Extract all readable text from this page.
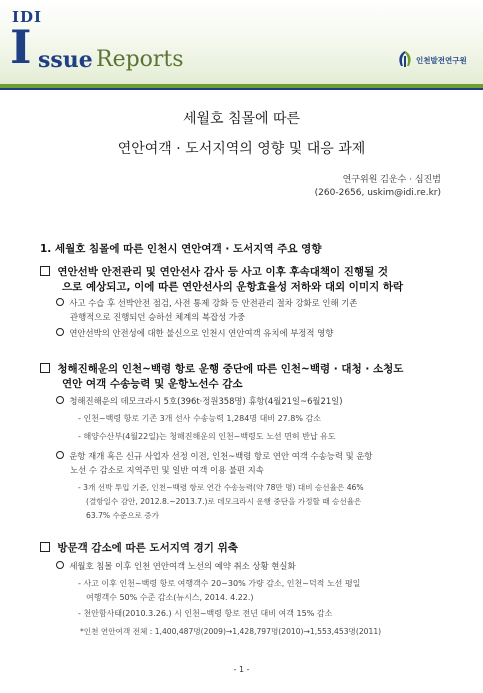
IDI
I ssue Reports	인천발전연구원
세월호 침몰에 따른
연안여객 · 도서지역의 영향 및 대응 과제
연구위원 김운수 · 심진범
(260-2656, uskim@idi.re.kr)
1. 세월호 침몰에 따른 인천시 연안여객 · 도서지역 주요 영향
연안선박 안전관리 및 연안선사 감사 등 사고 이후 후속대책이 진행될 것
으로 예상되고, 이에 따른 연안선사의 운항효율성 저하와 대외 이미지 하락
사고 수습 후 선박안전 점검, 사전 통제 강화 등 안전관리 절차 강화로 인해 기존
관행적으로 진행되던 승하선 체계의 복잡성 가중
연안선박의 안전성에 대한 불신으로 인천시 연안여객 유치에 부정적 영향
청해진해운의 인천~백령 항로 운행 중단에 따른 인천~백령 · 대청 · 소청도
연안 여객 수송능력 및 운항노선수 감소
청해진해운의 데모크라시 5호(396t·정원358명) 휴항(4월21일~6월21일)
- 인천~백령 항로 기존 3개 선사 수송능력 1,284명 대비 27.8% 감소
- 해양수산부(4월22일)는 청해진해운의 인천~백령도 노선 면허 반납 유도
운항 재개 혹은 신규 사업자 선정 이전, 인천~백령 항로 연안 여객 수송능력 및 운항
노선 수 감소로 지역주민 및 일반 여객 이용 불편 지속
- 3개 선박 투입 기준, 인천~백령 항로 연간 수송능력(약 78만 명) 대비 승선율은 46%
(결항일수 감안, 2012.8.~2013.7.)로 데모크라시 운행 중단을 가정할 때 승선율은
63.7% 수준으로 증가
방문객 감소에 따른 도서지역 경기 위축
세월호 침몰 이후 인천 연안여객 노선의 예약 취소 상황 현실화
- 사고 이후 인천~백령 항로 여행객수 20~30% 가량 감소, 인천~덕적 노선 평일
여행객수 50% 수준 감소(뉴시스, 2014. 4.22.)
- 천안함사태(2010.3.26.) 시 인천~백령 항로 전년 대비 여객 15% 감소
*인천 연안여객 전체 : 1,400,487명(2009)→1,428,797명(2010)→1,553,453명(2011)
- 1 -
